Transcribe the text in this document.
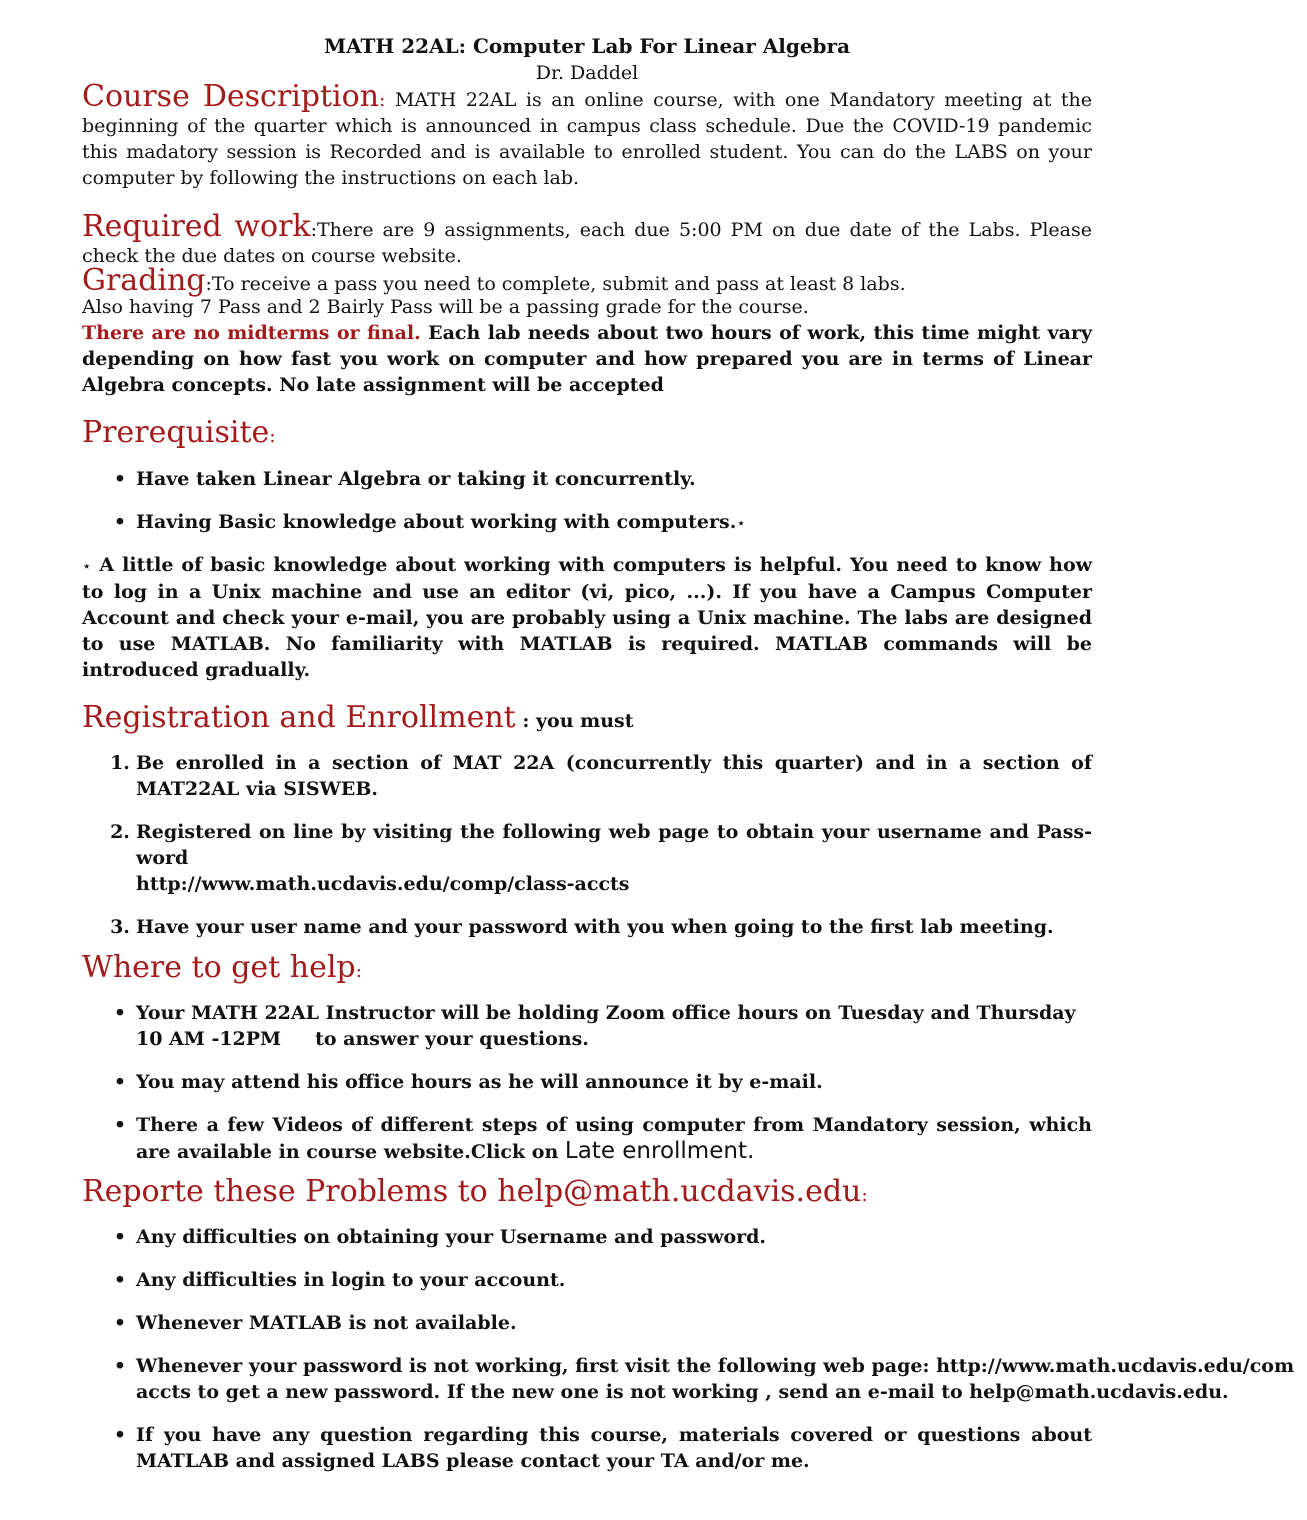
MATH 22AL: Computer Lab For Linear Algebra
Dr. Daddel
Course Description: MATH 22AL is an online course, with one Mandatory meeting at the beginning of the quarter which is announced in campus class schedule. Due the COVID-19 pandemic this madatory session is Recorded and is available to enrolled student. You can do the LABS on your computer by following the instructions on each lab.
Required work:There are 9 assignments, each due 5:00 PM on due date of the Labs. Please check the due dates on course website.
Grading:To receive a pass you need to complete, submit and pass at least 8 labs.
Also having 7 Pass and 2 Bairly Pass will be a passing grade for the course.
There are no midterms or final. Each lab needs about two hours of work, this time might vary depending on how fast you work on computer and how prepared you are in terms of Linear Algebra concepts. No late assignment will be accepted
Prerequisite:
• Have taken Linear Algebra or taking it concurrently.
• Having Basic knowledge about working with computers.⋆
⋆ A little of basic knowledge about working with computers is helpful. You need to know how to log in a Unix machine and use an editor (vi, pico, ...). If you have a Campus Computer Account and check your e-mail, you are probably using a Unix machine. The labs are designed to use MATLAB. No familiarity with MATLAB is required. MATLAB commands will be introduced gradually.
Registration and Enrollment : you must
1. Be enrolled in a section of MAT 22A (concurrently this quarter) and in a section of MAT22AL via SISWEB.
2. Registered on line by visiting the following web page to obtain your username and Pass-word
http://www.math.ucdavis.edu/comp/class-accts
3. Have your user name and your password with you when going to the first lab meeting.
Where to get help:
• Your MATH 22AL Instructor will be holding Zoom office hours on Tuesday and Thursday
10 AM -12PM to answer your questions.
• You may attend his office hours as he will announce it by e-mail.
• There a few Videos of different steps of using computer from Mandatory session, which are available in course website.Click on Late enrollment.
Reporte these Problems to help@math.ucdavis.edu:
• Any difficulties on obtaining your Username and password.
• Any difficulties in login to your account.
• Whenever MATLAB is not available.
• Whenever your password is not working, first visit the following web page: http://www.math.ucdavis.edu/com
accts to get a new password. If the new one is not working , send an e-mail to help@math.ucdavis.edu.
• If you have any question regarding this course, materials covered or questions about MATLAB and assigned LABS please contact your TA and/or me.
